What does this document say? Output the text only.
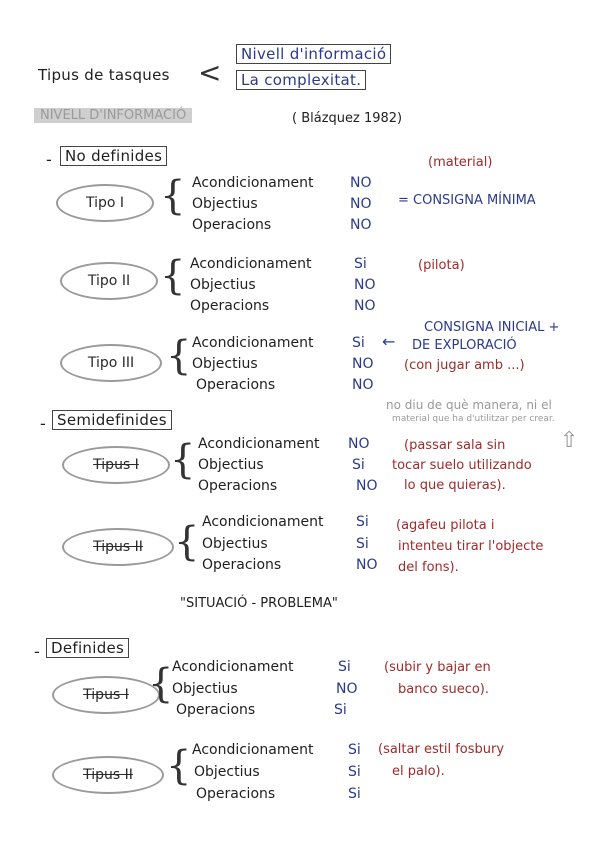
Tipus de tasques <
Nivell d'informació
La complexitat.
NIVELL D'INFORMACIÓ	( Blázquez 1982)
- No definides	(material)
Tipo I { Acondicionament
Objectius
Operacions
NO
NO
NO
= CONSIGNA MÍNIMA
Tipo II { Acondicionament
Objectius
Operacions
Si
NO
NO
(pilota)
Tipo III { Acondicionament
Objectius
Operacions
Si
NO
NO
←
CONSIGNA INICIAL +
DE EXPLORACIÓ
(con jugar amb ...)
- Semidefinides
no diu de què manera, ni el
material que ha d'utilitzar per crear.
⇧
Tipus I { Acondicionament
Objectius
Operacions
NO
Si
NO
(passar sala sin
tocar suelo utilizando
lo que quieras).
Tipus II { Acondicionament
Objectius
Operacions
Si
Si
NO
(agafeu pilota i
intenteu tirar l'objecte
del fons).
"SITUACIÓ - PROBLEMA"
- Definides
Tipus I {
Acondicionament
Objectius
Operacions
Si
NO
Si
(subir y bajar en
banco sueco).
Tipus II { Acondicionament
Objectius
Operacions
Si
Si
Si
(saltar estil fosbury
el palo).
